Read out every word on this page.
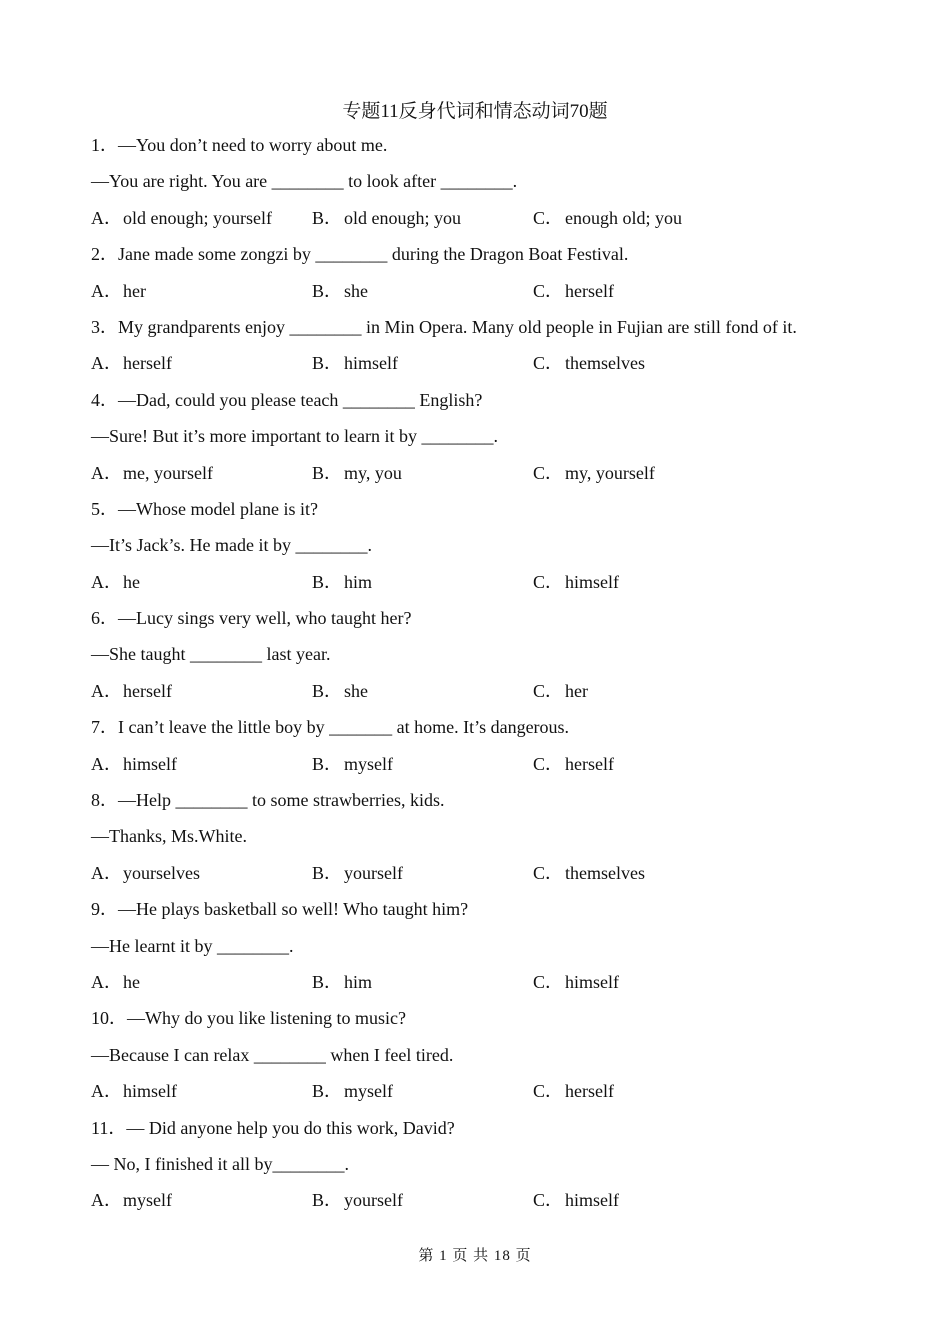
专题11反身代词和情态动词70题
1．—You don’t need to worry about me.
—You are right. You are ________ to look after ________.
A．old enough; yourself	B． old enough; you	C． enough old; you
2．Jane made some zongzi by ________ during the Dragon Boat Festival.
A．her	B． she	C． herself
3．My grandparents enjoy ________ in Min Opera. Many old people in Fujian are still fond of it.
A．herself	B． himself	C． themselves
4．—Dad, could you please teach ________ English?
—Sure! But it’s more important to learn it by ________.
A．me, yourself	B． my, you	C． my, yourself
5．—Whose model plane is it?
—It’s Jack’s. He made it by ________.
A．he	B． him	C． himself
6．—Lucy sings very well, who taught her?
—She taught ________ last year.
A．herself	B． she	C． her
7．I can’t leave the little boy by _______ at home. It’s dangerous.
A．himself	B． myself	C． herself
8．—Help ________ to some strawberries, kids.
—Thanks, Ms.White.
A．yourselves	B． yourself	C． themselves
9．—He plays basketball so well! Who taught him?
—He learnt it by ________.
A．he	B． him	C． himself
10．—Why do you like listening to music?
—Because I can relax ________ when I feel tired.
A．himself	B． myself	C． herself
11．— Did anyone help you do this work, David?
— No, I finished it all by________.
A．myself	B． yourself	C． himself
第 1 页 共 18 页
